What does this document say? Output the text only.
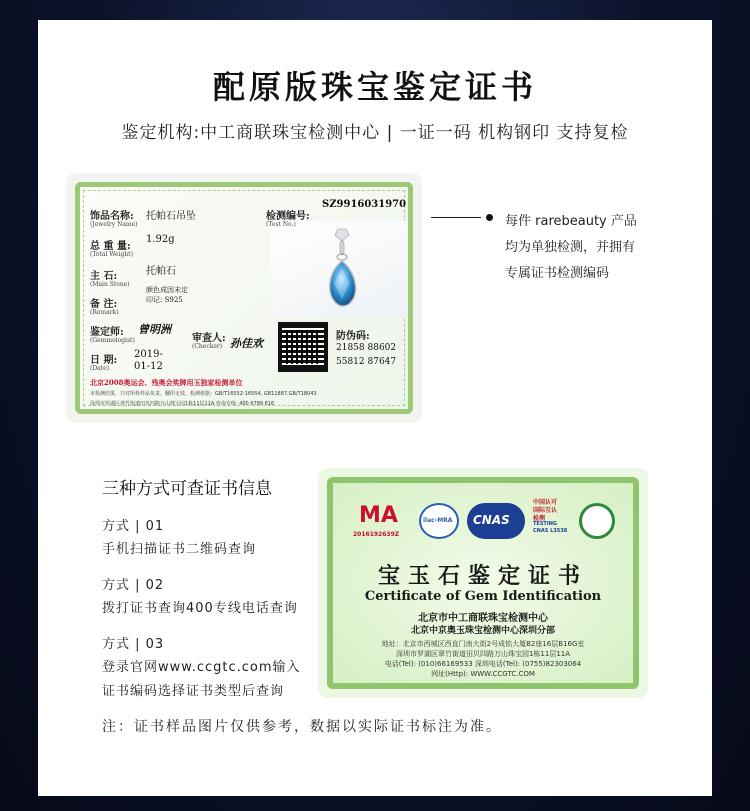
配原版珠宝鉴定证书
鉴定机构:中工商联珠宝检测中心 | 一证一码 机构钢印 支持复检
饰品名称:
(Jewelry Name)
托帕石吊坠	检测编号:
(Test No.)
SZ9916031970
总 重 量:
(Total Weight)
1.92g
主 石:
(Main Stone)
托帕石
备 注:
(Remark)
颜色成因未定
印记: S925
鉴定师:
(Gemmologist)
曾明洲
审查人:
(Checker) 孙佳欢
日 期:
(Date)
2019-
01-12
防伪码:
21858 88602
55812 87647
北京2008奥运会、残奥会奖牌用玉独家检测单位
本检测结果，只对所检样品负责。翻印无效。检测依据：GB/T16552-16554, GB11887,GB/T18043
深圳市罗湖区翠竹街道田贝四路万山珠宝园1栋11层11A 咨询专线: 400 6789 616
每件 rarebeauty 产品
均为单独检测，并拥有
专属证书检测编码
三种方式可查证书信息
方式 | 01
手机扫描证书二维码查询
方式 | 02
拨打证书查询400专线电话查询
方式 | 03
登录官网www.ccgtc.com输入
证书编码选择证书类型后查询
MA
2016192639Z
ilac-MRA CNAS
中国认可
国际互认
检测
TESTING
CNAS L3538
宝玉石鉴定证书
Certificate of Gem Identification
北京市中工商联珠宝检测中心
北京中京奥玉珠宝检测中心深圳分部
地址：北京市西城区西直门南大街2号成铭大厦B2座16层B16G室
深圳市罗湖区翠竹街道田贝四路万山珠宝园1栋11层11A
电话(Tel): (010)66169533 深圳电话(Tel): (0755)82303064
网址(Http): WWW.CCGTC.COM
注：证书样品图片仅供参考，数据以实际证书标注为准。
